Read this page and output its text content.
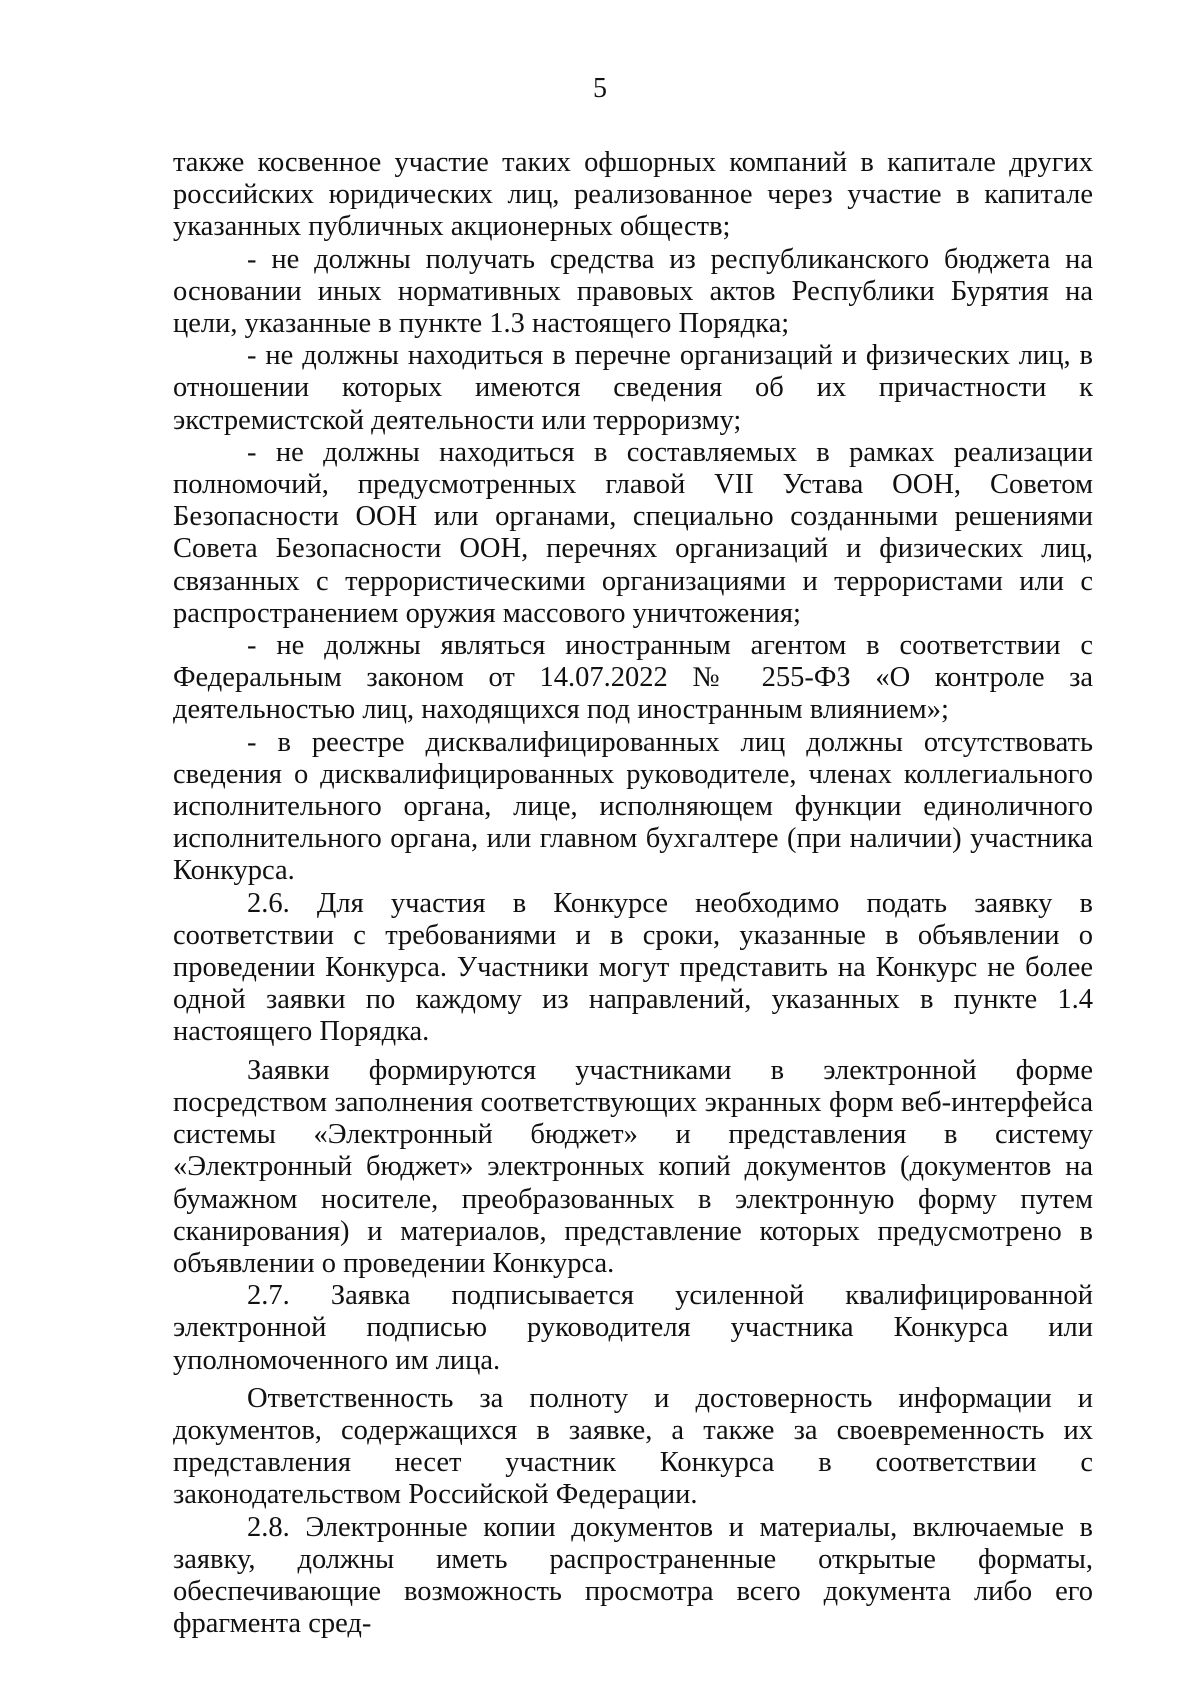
5

также косвенное участие таких офшорных компаний в капитале других российских юридических лиц, реализованное через участие в капитале указанных публичных акционерных обществ;

- не должны получать средства из республиканского бюджета на основании иных нормативных правовых актов Республики Бурятия на цели, указанные в пункте 1.3 настоящего Порядка;

- не должны находиться в перечне организаций и физических лиц, в отношении которых имеются сведения об их причастности к экстремистской деятельности или терроризму;

- не должны находиться в составляемых в рамках реализации полномочий, предусмотренных главой VII Устава ООН, Советом Безопасности ООН или органами, специально созданными решениями Совета Безопасности ООН, перечнях организаций и физических лиц, связанных с террористическими организациями и террористами или с распространением оружия массового уничтожения;

- не должны являться иностранным агентом в соответствии с Федеральным законом от 14.07.2022 № 255-ФЗ «О контроле за деятельностью лиц, находящихся под иностранным влиянием»;

- в реестре дисквалифицированных лиц должны отсутствовать сведения о дисквалифицированных руководителе, членах коллегиального исполнительного органа, лице, исполняющем функции единоличного исполнительного органа, или главном бухгалтере (при наличии) участника Конкурса.

2.6. Для участия в Конкурсе необходимо подать заявку в соответствии с требованиями и в сроки, указанные в объявлении о проведении Конкурса. Участники могут представить на Конкурс не более одной заявки по каждому из направлений, указанных в пункте 1.4 настоящего Порядка.

Заявки формируются участниками в электронной форме посредством заполнения соответствующих экранных форм веб-интерфейса системы «Электронный бюджет» и представления в систему «Электронный бюджет» электронных копий документов (документов на бумажном носителе, преобразованных в электронную форму путем сканирования) и материалов, представление которых предусмотрено в объявлении о проведении Конкурса.

2.7. Заявка подписывается усиленной квалифицированной электронной подписью руководителя участника Конкурса или уполномоченного им лица.

Ответственность за полноту и достоверность информации и документов, содержащихся в заявке, а также за своевременность их представления несет участник Конкурса в соответствии с законодательством Российской Федерации.

2.8. Электронные копии документов и материалы, включаемые в заявку, должны иметь распространенные открытые форматы, обеспечивающие возможность просмотра всего документа либо его фрагмента сред-
